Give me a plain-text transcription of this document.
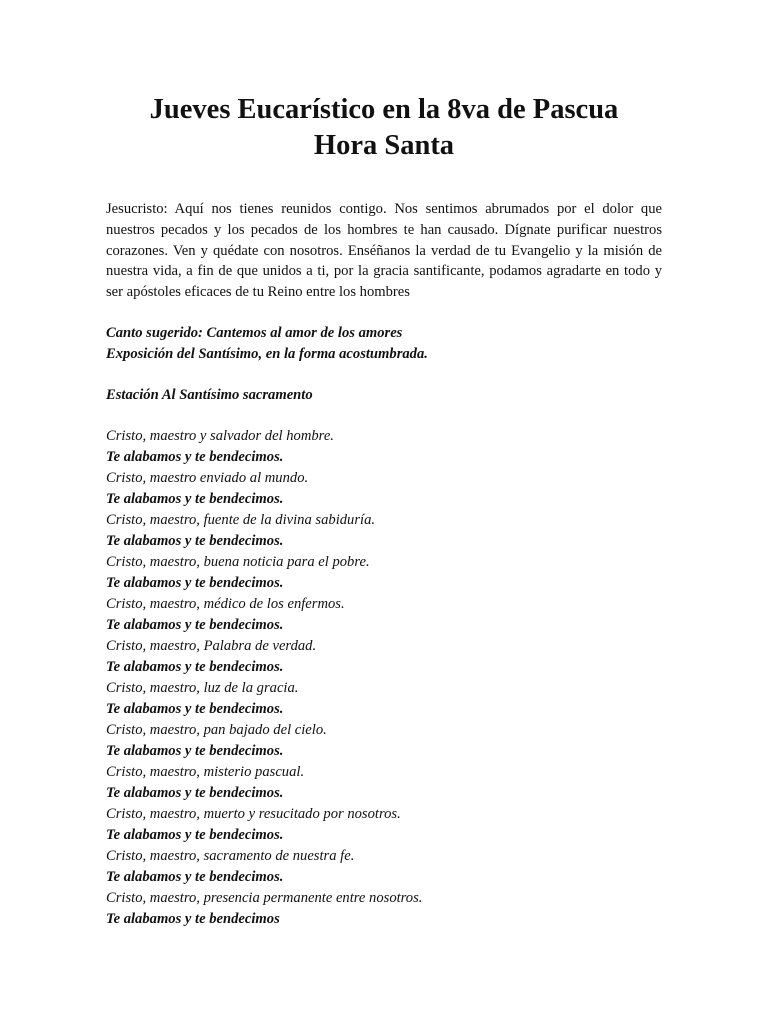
Jueves Eucarístico en la 8va de Pascua
Hora Santa
Jesucristo: Aquí nos tienes reunidos contigo. Nos sentimos abrumados por el dolor que
nuestros pecados y los pecados de los hombres te han causado. Dígnate purificar nuestros
corazones. Ven y quédate con nosotros. Enséñanos la verdad de tu Evangelio y la misión de
nuestra vida, a fin de que unidos a ti, por la gracia santificante, podamos agradarte en todo y
ser apóstoles eficaces de tu Reino entre los hombres
Canto sugerido: Cantemos al amor de los amores
Exposición del Santísimo, en la forma acostumbrada.
Estación Al Santísimo sacramento
Cristo, maestro y salvador del hombre.
Te alabamos y te bendecimos.
Cristo, maestro enviado al mundo.
Te alabamos y te bendecimos.
Cristo, maestro, fuente de la divina sabiduría.
Te alabamos y te bendecimos.
Cristo, maestro, buena noticia para el pobre.
Te alabamos y te bendecimos.
Cristo, maestro, médico de los enfermos.
Te alabamos y te bendecimos.
Cristo, maestro, Palabra de verdad.
Te alabamos y te bendecimos.
Cristo, maestro, luz de la gracia.
Te alabamos y te bendecimos.
Cristo, maestro, pan bajado del cielo.
Te alabamos y te bendecimos.
Cristo, maestro, misterio pascual.
Te alabamos y te bendecimos.
Cristo, maestro, muerto y resucitado por nosotros.
Te alabamos y te bendecimos.
Cristo, maestro, sacramento de nuestra fe.
Te alabamos y te bendecimos.
Cristo, maestro, presencia permanente entre nosotros.
Te alabamos y te bendecimos
